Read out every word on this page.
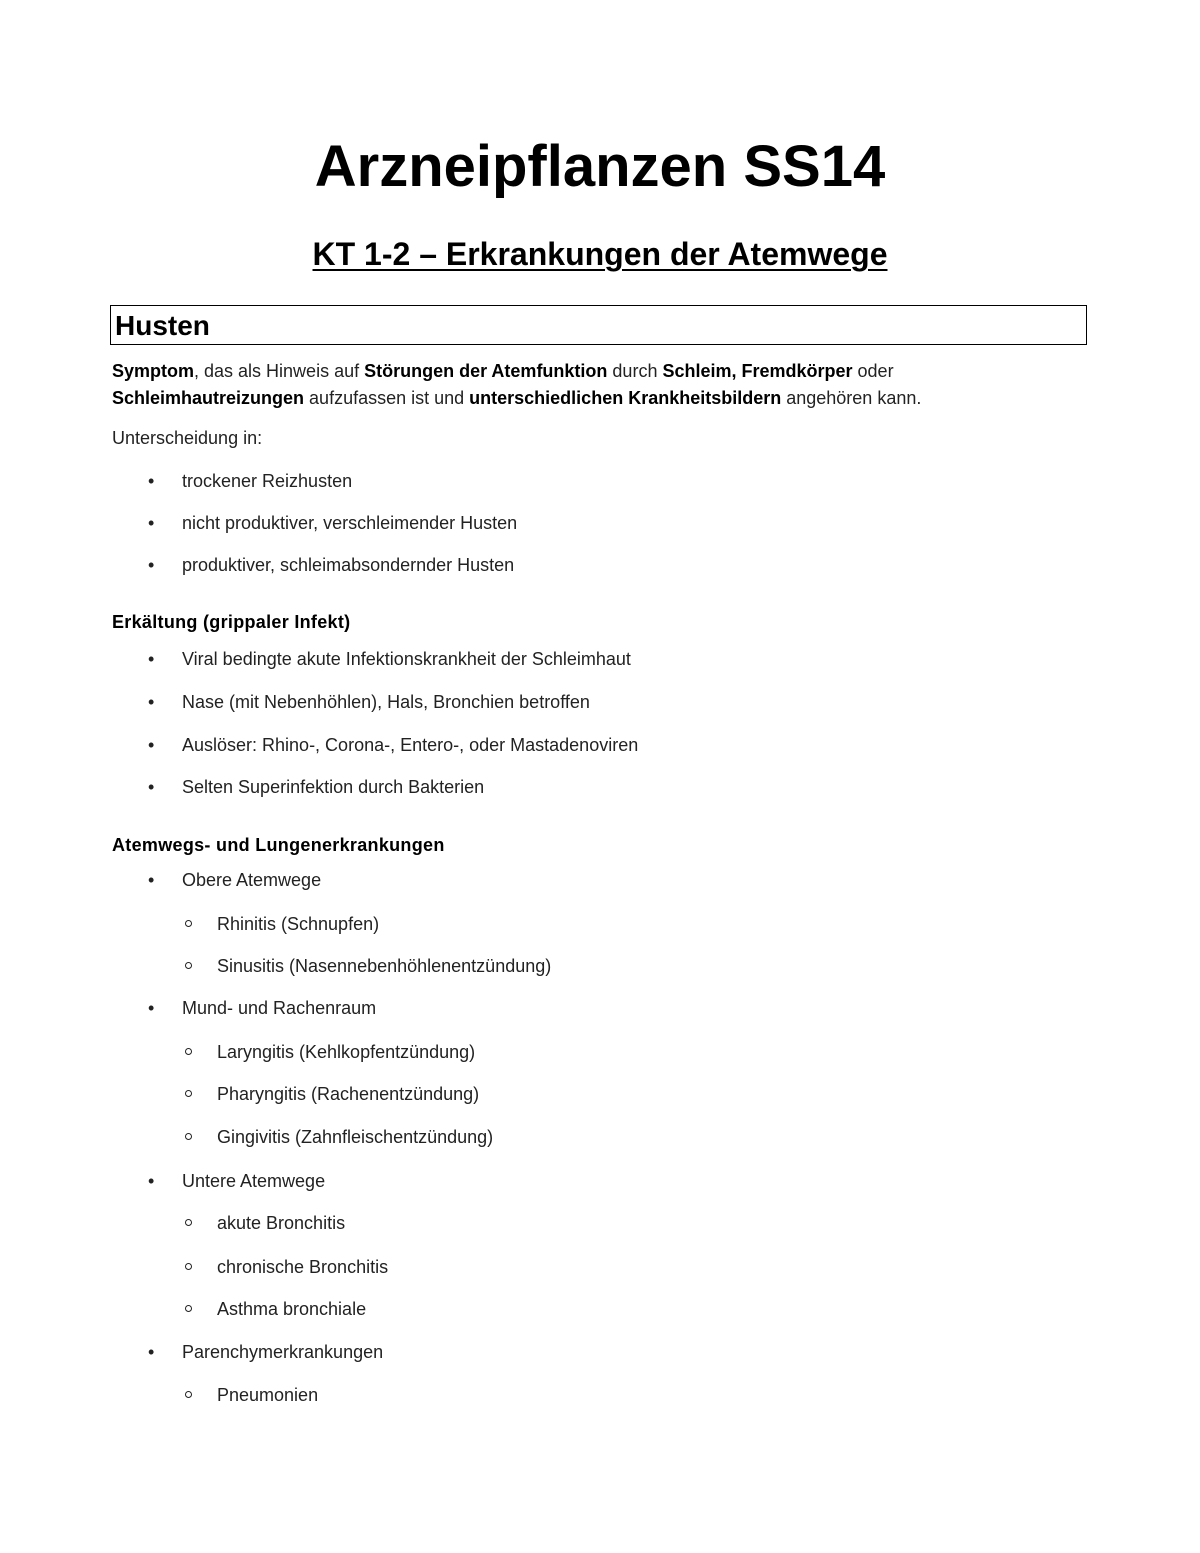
Arzneipflanzen SS14
KT 1-2 – Erkrankungen der Atemwege
Husten

Symptom, das als Hinweis auf Störungen der Atemfunktion durch Schleim, Fremdkörper oder
Schleimhautreizungen aufzufassen ist und unterschiedlichen Krankheitsbildern angehören kann.

Unterscheidung in:

• trockener Reizhusten
• nicht produktiver, verschleimender Husten
• produktiver, schleimabsondernder Husten

Erkältung (grippaler Infekt)

• Viral bedingte akute Infektionskrankheit der Schleimhaut
• Nase (mit Nebenhöhlen), Hals, Bronchien betroffen
• Auslöser: Rhino-, Corona-, Entero-, oder Mastadenoviren
• Selten Superinfektion durch Bakterien

Atemwegs- und Lungenerkrankungen

• Obere Atemwege
Rhinitis (Schnupfen)
Sinusitis (Nasennebenhöhlenentzündung)
• Mund- und Rachenraum
Laryngitis (Kehlkopfentzündung)
Pharyngitis (Rachenentzündung)
Gingivitis (Zahnfleischentzündung)
• Untere Atemwege
akute Bronchitis
chronische Bronchitis
Asthma bronchiale
• Parenchymerkrankungen
Pneumonien
